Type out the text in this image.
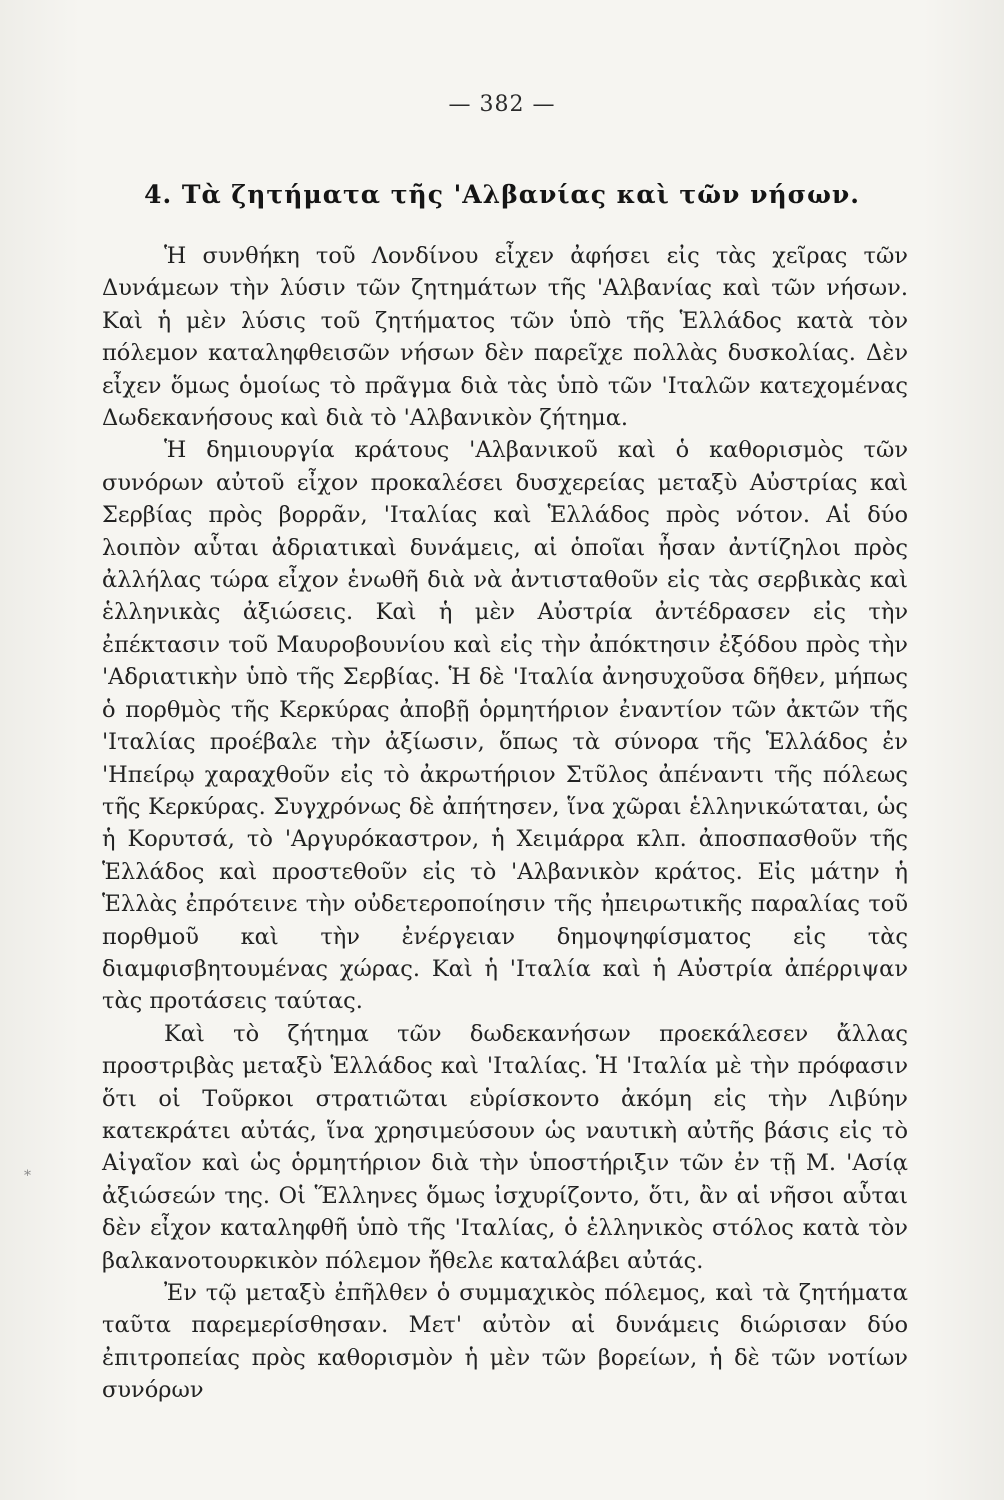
— 382 —
4. Τὰ ζητήματα τῆς 'Αλβανίας καὶ τῶν νήσων.

Ἡ συνθήκη τοῦ Λονδίνου εἶχεν ἀφήσει εἰς τὰς χεῖρας τῶν Δυνάμεων τὴν λύσιν τῶν ζητημάτων τῆς 'Αλβανίας καὶ τῶν νήσων. Καὶ ἡ μὲν λύσις τοῦ ζητήματος τῶν ὑπὸ τῆς Ἑλλάδος κατὰ τὸν πόλεμον καταληφθεισῶν νήσων δὲν παρεῖχε πολλὰς δυσκολίας. Δὲν εἶχεν ὅμως ὁμοίως τὸ πρᾶγμα διὰ τὰς ὑπὸ τῶν 'Ιταλῶν κατεχομένας Δωδεκανήσους καὶ διὰ τὸ 'Αλβανικὸν ζήτημα.

Ἡ δημιουργία κράτους 'Αλβανικοῦ καὶ ὁ καθορισμὸς τῶν συνόρων αὐτοῦ εἶχον προκαλέσει δυσχερείας μεταξὺ Αὐστρίας καὶ Σερβίας πρὸς βορρᾶν, 'Ιταλίας καὶ Ἑλλάδος πρὸς νότον. Αἱ δύο λοιπὸν αὗται ἀδριατικαὶ δυνάμεις, αἱ ὁποῖαι ἦσαν ἀντίζηλοι πρὸς ἀλλήλας τώρα εἶχον ἑνωθῆ διὰ νὰ ἀντισταθοῦν εἰς τὰς σερβικὰς καὶ ἑλληνικὰς ἀξιώσεις. Καὶ ἡ μὲν Αὐστρία ἀντέδρασεν εἰς τὴν ἐπέκτασιν τοῦ Μαυροβουνίου καὶ εἰς τὴν ἀπόκτησιν ἐξόδου πρὸς τὴν 'Αδριατικὴν ὑπὸ τῆς Σερβίας. Ἡ δὲ 'Ιταλία ἀνησυχοῦσα δῆθεν, μήπως ὁ πορθμὸς τῆς Κερκύρας ἀποβῇ ὁρμητήριον ἐναντίον τῶν ἀκτῶν τῆς 'Ιταλίας προέβαλε τὴν ἀξίωσιν, ὅπως τὰ σύνορα τῆς Ἑλλάδος ἐν 'Ηπείρῳ χαραχθοῦν εἰς τὸ ἀκρωτήριον Στῦλος ἀπέναντι τῆς πόλεως τῆς Κερκύρας. Συγχρόνως δὲ ἀπήτησεν, ἵνα χῶραι ἑλληνικώταται, ὡς ἡ Κορυτσά, τὸ 'Αργυρόκαστρον, ἡ Χειμάρρα κλπ. ἀποσπασθοῦν τῆς Ἑλλάδος καὶ προστεθοῦν εἰς τὸ 'Αλβανικὸν κράτος. Εἰς μάτην ἡ Ἑλλὰς ἐπρότεινε τὴν οὐδετεροποίησιν τῆς ἠπειρωτικῆς παραλίας τοῦ πορθμοῦ καὶ τὴν ἐνέργειαν δημοψηφίσματος εἰς τὰς διαμφισβητουμένας χώρας. Καὶ ἡ 'Ιταλία καὶ ἡ Αὐστρία ἀπέρριψαν τὰς προτάσεις ταύτας.

Καὶ τὸ ζήτημα τῶν δωδεκανήσων προεκάλεσεν ἄλλας προστριβὰς μεταξὺ Ἑλλάδος καὶ 'Ιταλίας. Ἡ 'Ιταλία μὲ τὴν πρόφασιν ὅτι οἱ Τοῦρκοι στρατιῶται εὑρίσκοντο ἀκόμη εἰς τὴν Λιβύην κατεκράτει αὐτάς, ἵνα χρησιμεύσουν ὡς ναυτικὴ αὐτῆς βάσις εἰς τὸ Αἰγαῖον καὶ ὡς ὁρμητήριον διὰ τὴν ὑποστήριξιν τῶν ἐν τῇ Μ. 'Ασίᾳ ἀξιώσεών της. Οἱ Ἕλληνες ὅμως ἰσχυρίζοντο, ὅτι, ἂν αἱ νῆσοι αὗται δὲν εἶχον καταληφθῆ ὑπὸ τῆς 'Ιταλίας, ὁ ἑλληνικὸς στόλος κατὰ τὸν βαλκανοτουρκικὸν πόλεμον ἤθελε καταλάβει αὐτάς.

Ἐν τῷ μεταξὺ ἐπῆλθεν ὁ συμμαχικὸς πόλεμος, καὶ τὰ ζητήματα ταῦτα παρεμερίσθησαν. Μετ' αὐτὸν αἱ δυνάμεις διώρισαν δύο ἐπιτροπείας πρὸς καθορισμὸν ἡ μὲν τῶν βορείων, ἡ δὲ τῶν νοτίων συνόρων

*
